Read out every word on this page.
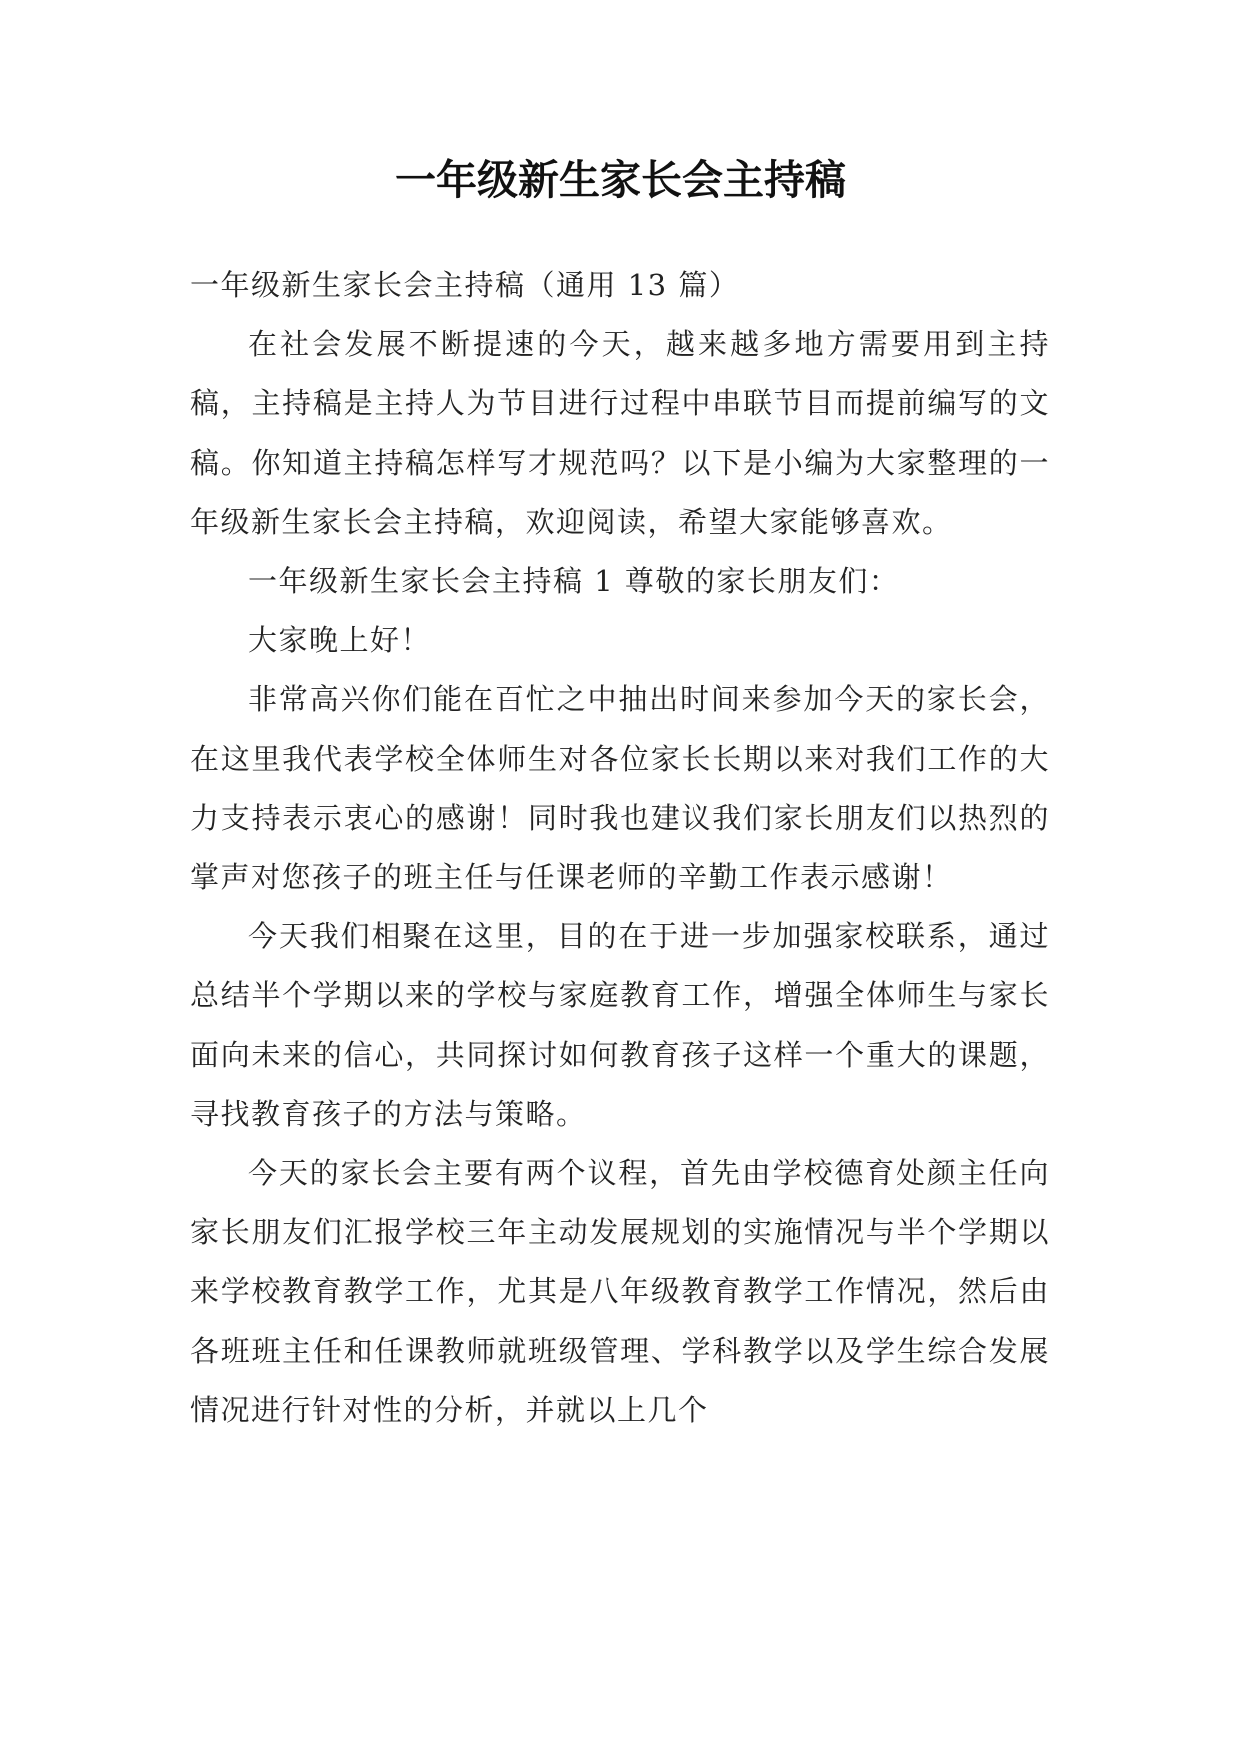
一年级新生家长会主持稿

一年级新生家长会主持稿（通用 13 篇）

在社会发展不断提速的今天，越来越多地方需要用到主持稿，主持稿是主持人为节目进行过程中串联节目而提前编写的文稿。你知道主持稿怎样写才规范吗？以下是小编为大家整理的一年级新生家长会主持稿，欢迎阅读，希望大家能够喜欢。

一年级新生家长会主持稿 1 尊敬的家长朋友们：

大家晚上好！

非常高兴你们能在百忙之中抽出时间来参加今天的家长会，在这里我代表学校全体师生对各位家长长期以来对我们工作的大力支持表示衷心的感谢！同时我也建议我们家长朋友们以热烈的掌声对您孩子的班主任与任课老师的辛勤工作表示感谢！

今天我们相聚在这里，目的在于进一步加强家校联系，通过总结半个学期以来的学校与家庭教育工作，增强全体师生与家长面向未来的信心，共同探讨如何教育孩子这样一个重大的课题，寻找教育孩子的方法与策略。

今天的家长会主要有两个议程，首先由学校德育处颜主任向家长朋友们汇报学校三年主动发展规划的实施情况与半个学期以来学校教育教学工作，尤其是八年级教育教学工作情况，然后由各班班主任和任课教师就班级管理、学科教学以及学生综合发展情况进行针对性的分析，并就以上几个
